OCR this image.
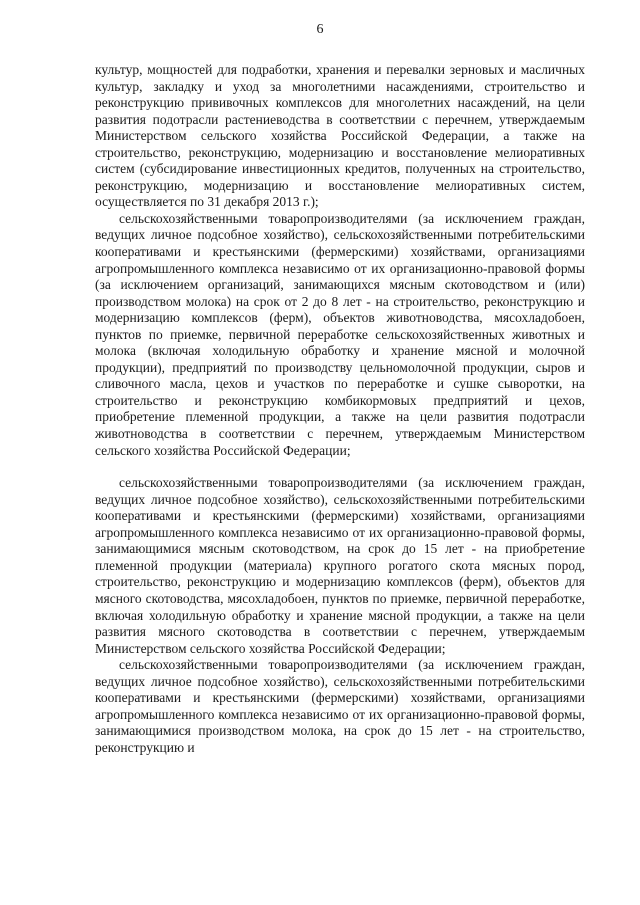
6

культур, мощностей для подработки, хранения и перевалки зерновых и масличных культур, закладку и уход за многолетними насаждениями, строительство и реконструкцию прививочных комплексов для многолетних насаждений, на цели развития подотрасли растениеводства в соответствии с перечнем, утверждаемым Министерством сельского хозяйства Российской Федерации, а также на строительство, реконструкцию, модернизацию и восстановление мелиоративных систем (субсидирование инвестиционных кредитов, полученных на строительство, реконструкцию, модернизацию и восстановление мелиоративных систем, осуществляется по 31 декабря 2013 г.);

сельскохозяйственными товаропроизводителями (за исключением граждан, ведущих личное подсобное хозяйство), сельскохозяйственными потребительскими кооперативами и крестьянскими (фермерскими) хозяйствами, организациями агропромышленного комплекса независимо от их организационно-правовой формы (за исключением организаций, занимающихся мясным скотоводством и (или) производством молока) на срок от 2 до 8 лет - на строительство, реконструкцию и модернизацию комплексов (ферм), объектов животноводства, мясохладобоен, пунктов по приемке, первичной переработке сельскохозяйственных животных и молока (включая холодильную обработку и хранение мясной и молочной продукции), предприятий по производству цельномолочной продукции, сыров и сливочного масла, цехов и участков по переработке и сушке сыворотки, на строительство и реконструкцию комбикормовых предприятий и цехов, приобретение племенной продукции, а также на цели развития подотрасли животноводства в соответствии с перечнем, утверждаемым Министерством сельского хозяйства Российской Федерации;

сельскохозяйственными товаропроизводителями (за исключением граждан, ведущих личное подсобное хозяйство), сельскохозяйственными потребительскими кооперативами и крестьянскими (фермерскими) хозяйствами, организациями агропромышленного комплекса независимо от их организационно-правовой формы, занимающимися мясным скотоводством, на срок до 15 лет - на приобретение племенной продукции (материала) крупного рогатого скота мясных пород, строительство, реконструкцию и модернизацию комплексов (ферм), объектов для мясного скотоводства, мясохладобоен, пунктов по приемке, первичной переработке, включая холодильную обработку и хранение мясной продукции, а также на цели развития мясного скотоводства в соответствии с перечнем, утверждаемым Министерством сельского хозяйства Российской Федерации;

сельскохозяйственными товаропроизводителями (за исключением граждан, ведущих личное подсобное хозяйство), сельскохозяйственными потребительскими кооперативами и крестьянскими (фермерскими) хозяйствами, организациями агропромышленного комплекса независимо от их организационно-правовой формы, занимающимися производством молока, на срок до 15 лет - на строительство, реконструкцию и
